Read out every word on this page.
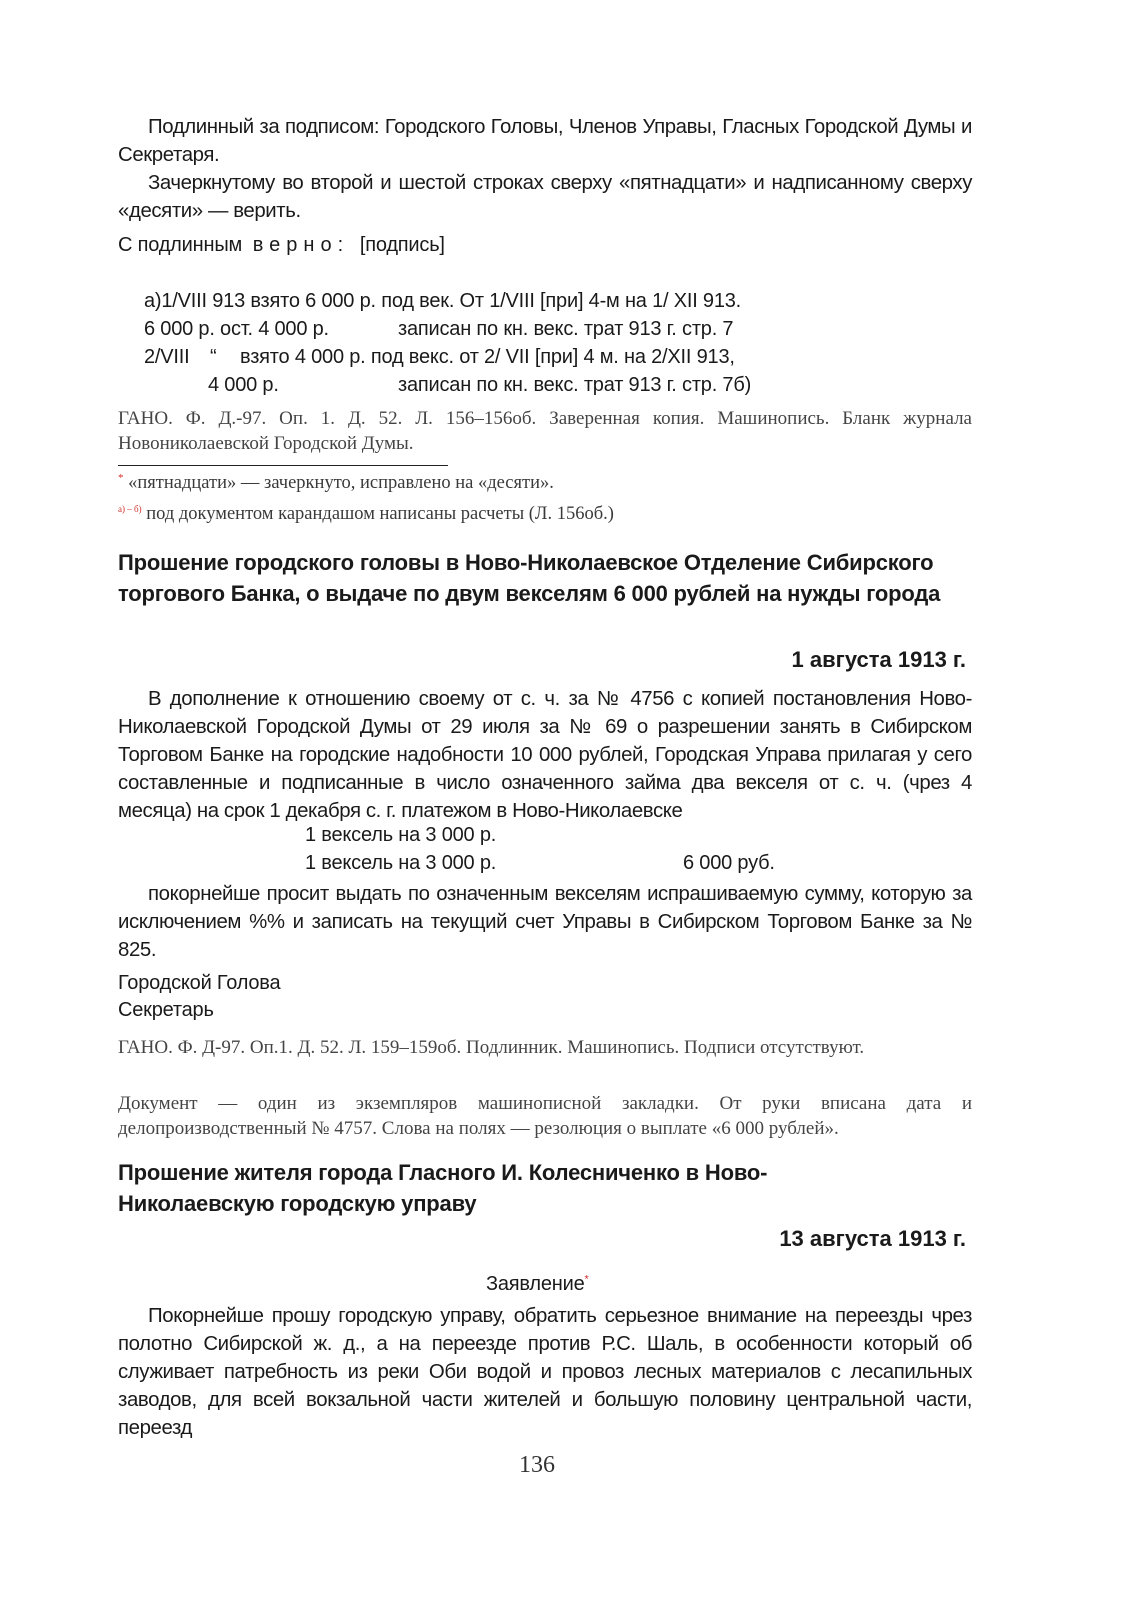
Подлинный за подписом: Городского Головы, Членов Управы, Гласных Городской Думы и Секретаря.

Зачеркнутому во второй и шестой строках сверху «пятнадцати» и надписанному сверху «десяти» — верить.

С подлинным верно: [подпись]
а)1/VIII 913 взято 6 000 р. под век. От 1/VIII [при] 4-м на 1/ XII 913.
6 000 р. ост. 4 000 р.	записан по кн. векс. трат 913 г. стр. 7
2/VIII “ взято 4 000 р. под векс. от 2/ VII [при] 4 м. на 2/XII 913,
4 000 р.	записан по кн. векс. трат 913 г. стр. 7б)

ГАНО. Ф. Д.-97. Оп. 1. Д. 52. Л. 156–156об. Заверенная копия. Машинопись. Бланк журнала Новониколаевской Городской Думы.

* «пятнадцати» — зачеркнуто, исправлено на «десяти».
$^{а) - б)}$ под документом карандашом написаны расчеты (Л. 156об.)

Прошение городского головы в Ново-Николаевское Отделение Сибирского торгового Банка, о выдаче по двум векселям 6 000 рублей на нужды города

1 августа 1913 г.

В дополнение к отношению своему от с. ч. за № 4756 с копией постановления Ново-Николаевской Городской Думы от 29 июля за № 69 о разрешении занять в Сибирском Торговом Банке на городские надобности 10 000 рублей, Городская Управа прилагая у сего составленные и подписанные в число означенного займа два векселя от с. ч. (чрез 4 месяца) на срок 1 декабря с. г. платежом в Ново-Николаевске

1 вексель на 3 000 р.
1 вексель на 3 000 р.	6 000 руб.

покорнейше просит выдать по означенным векселям испрашиваемую сумму, которую за исключением %% и записать на текущий счет Управы в Сибирском Торговом Банке за № 825.

Городской Голова
Секретарь

ГАНО. Ф. Д-97. Оп.1. Д. 52. Л. 159–159об. Подлинник. Машинопись. Подписи отсутствуют.

Документ — один из экземпляров машинописной закладки. От руки вписана дата и делопроизводственный № 4757. Слова на полях — резолюция о выплате «6 000 рублей».

Прошение жителя города Гласного И. Колесниченко в Ново-Николаевскую городскую управу

13 августа 1913 г.
Заявление*

Покорнейше прошу городскую управу, обратить серьезное внимание на переезды чрез полотно Сибирской ж. д., а на переезде против Р.С. Шаль, в особенности который об служивает патребность из реки Оби водой и провоз лесных материалов с лесапильных заводов, для всей вокзальной части жителей и большую половину центральной части, переезд

136
